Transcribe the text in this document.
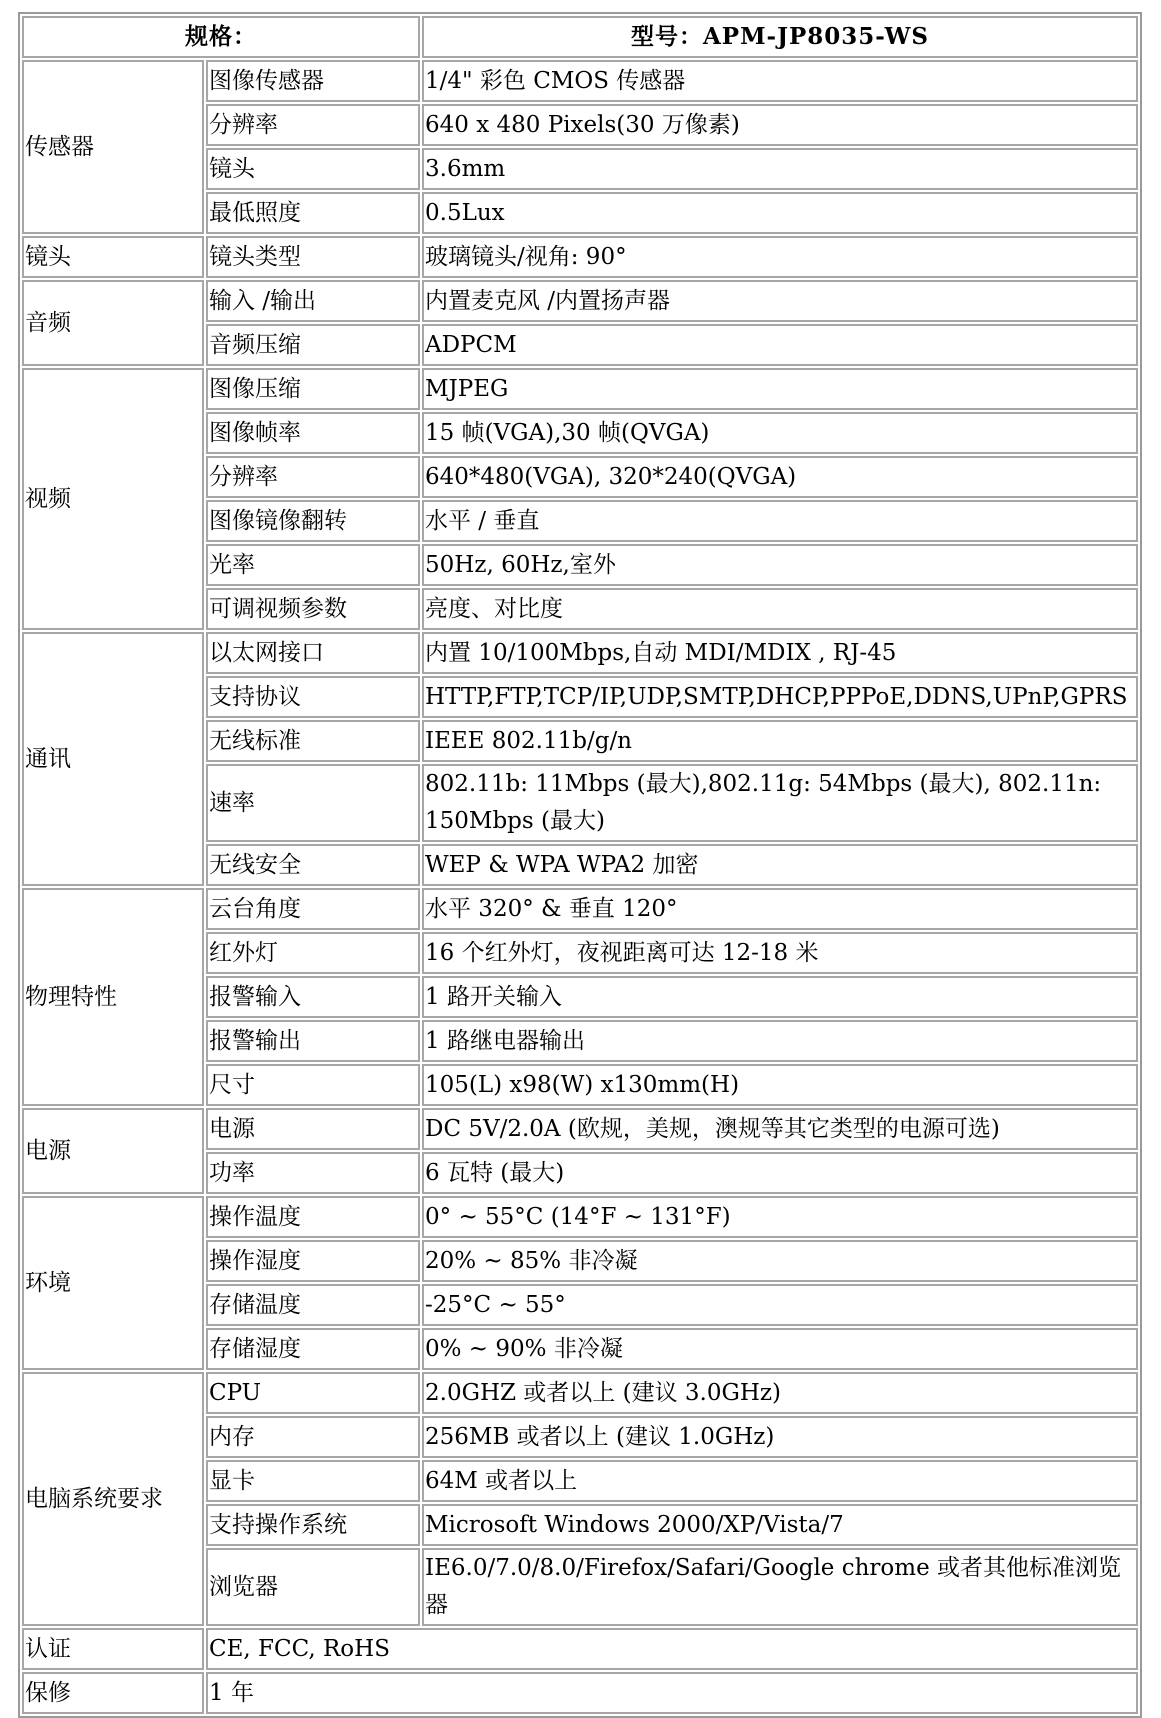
规格：		型号：APM-JP8035-WS
传感器	图像传感器	1/4" 彩色 CMOS 传感器
	分辨率	640 x 480 Pixels(30 万像素)
	镜头	3.6mm
	最低照度	0.5Lux
镜头	镜头类型	玻璃镜头/视角: 90°
音频	输入 /输出	内置麦克风 /内置扬声器
	音频压缩	ADPCM
视频	图像压缩	MJPEG
	图像帧率	15 帧(VGA),30 帧(QVGA)
	分辨率	640*480(VGA), 320*240(QVGA)
	图像镜像翻转	水平 / 垂直
	光率	50Hz, 60Hz,室外
	可调视频参数	亮度、对比度
通讯	以太网接口	内置 10/100Mbps,自动 MDI/MDIX , RJ-45
	支持协议	HTTP,FTP,TCP/IP,UDP,SMTP,DHCP,PPPoE,DDNS,UPnP,GPRS
	无线标准	IEEE 802.11b/g/n
	速率	802.11b: 11Mbps (最大),802.11g: 54Mbps (最大), 802.11n: 150Mbps (最大)
	无线安全	WEP & WPA WPA2 加密
物理特性	云台角度	水平 320° & 垂直 120°
	红外灯	16 个红外灯，夜视距离可达 12-18 米
	报警输入	1 路开关输入
	报警输出	1 路继电器输出
	尺寸	105(L) x98(W) x130mm(H)
电源	电源	DC 5V/2.0A (欧规，美规，澳规等其它类型的电源可选)
	功率	6 瓦特 (最大)
环境	操作温度	0° ~ 55°C (14°F ~ 131°F)
	操作湿度	20% ~ 85% 非冷凝
	存储温度	-25°C ~ 55°
	存储湿度	0% ~ 90% 非冷凝
电脑系统要求	CPU	2.0GHZ 或者以上 (建议 3.0GHz)
	内存	256MB 或者以上 (建议 1.0GHz)
	显卡	64M 或者以上
	支持操作系统	Microsoft Windows 2000/XP/Vista/7
	浏览器	IE6.0/7.0/8.0/Firefox/Safari/Google chrome 或者其他标准浏览器
认证	CE, FCC, RoHS	
保修	1 年	
